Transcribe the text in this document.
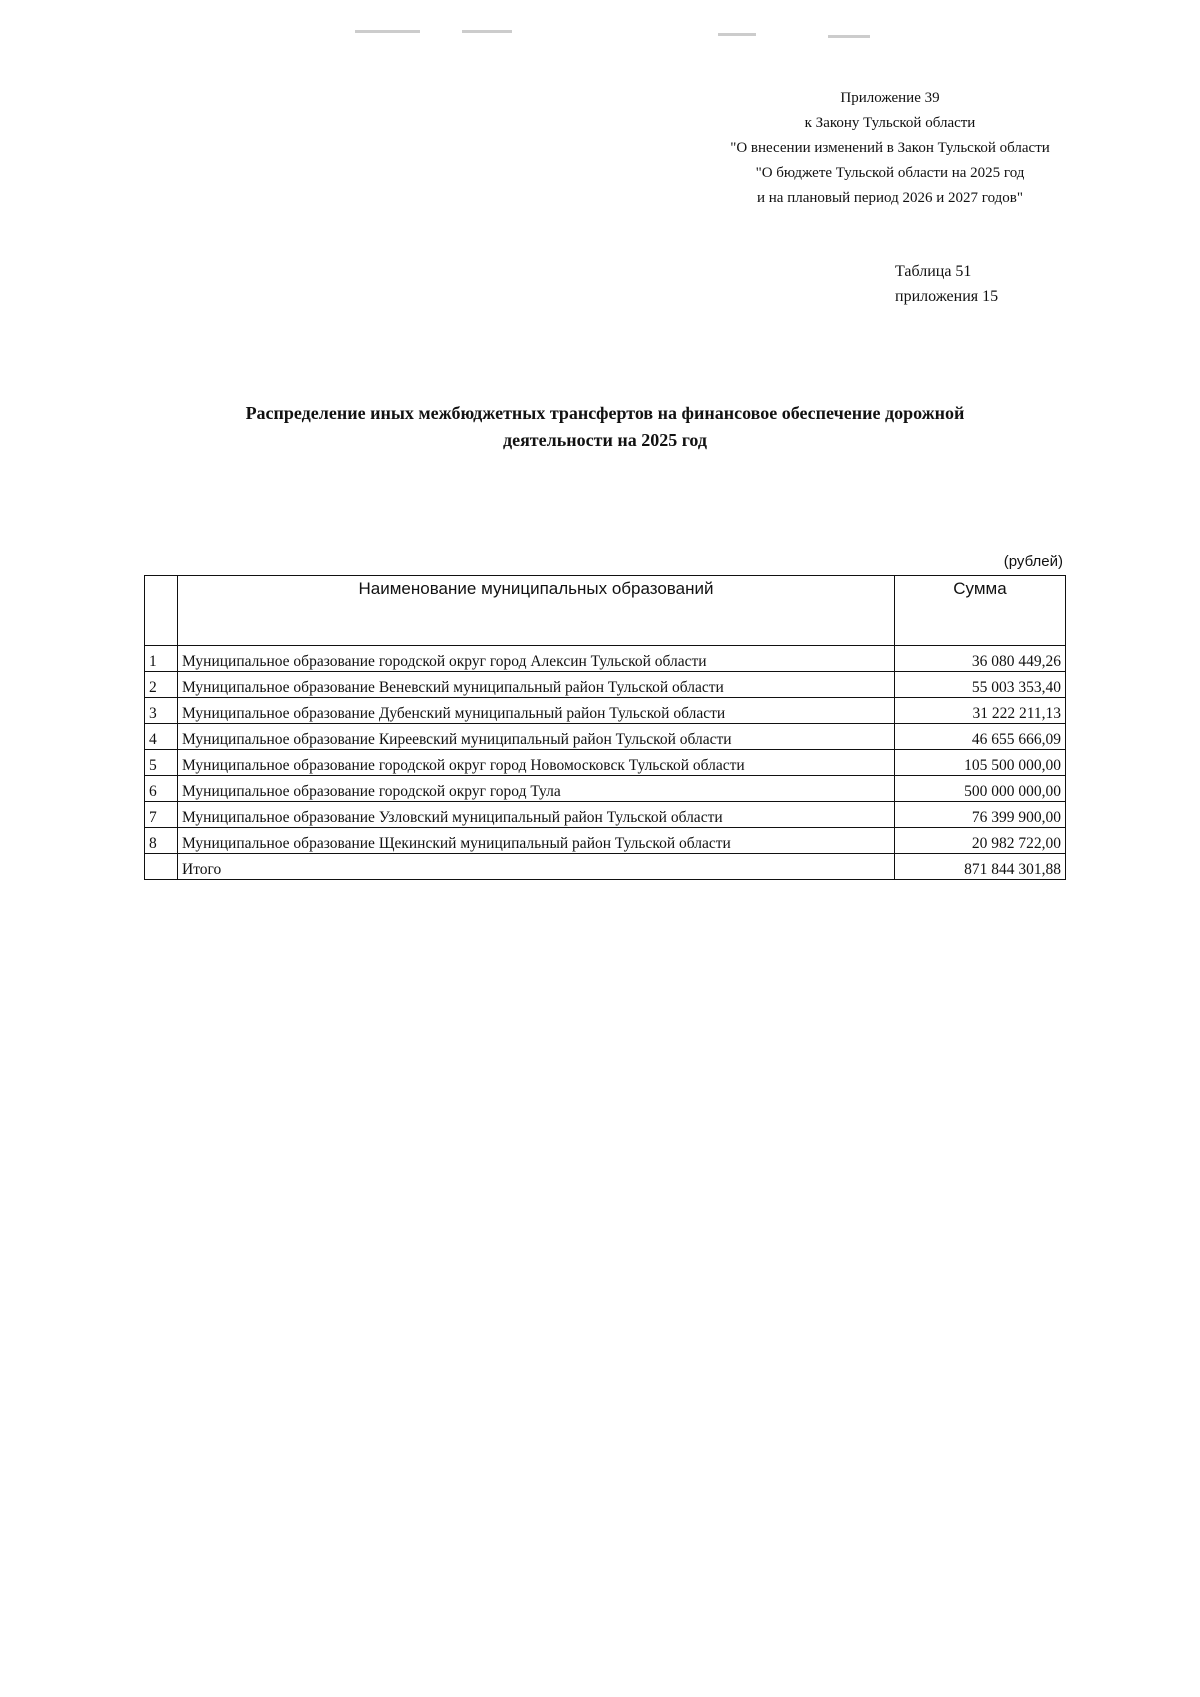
Приложение 39
к Закону Тульской области
"О внесении изменений в Закон Тульской области
"О бюджете Тульской области на 2025 год
и на плановый период 2026 и 2027 годов"
Таблица 51
приложения 15
Распределение иных межбюджетных трансфертов на финансовое обеспечение дорожной
деятельности на 2025 год
(рублей)
	Наименование муниципальных образований	Сумма
1	Муниципальное образование городской округ город Алексин Тульской области	36 080 449,26
2	Муниципальное образование Веневский муниципальный район Тульской области	55 003 353,40
3	Муниципальное образование Дубенский муниципальный район Тульской области	31 222 211,13
4	Муниципальное образование Киреевский муниципальный район Тульской области	46 655 666,09
5	Муниципальное образование городской округ город Новомосковск Тульской области	105 500 000,00
6	Муниципальное образование городской округ город Тула	500 000 000,00
7	Муниципальное образование Узловский муниципальный район Тульской области	76 399 900,00
8	Муниципальное образование Щекинский муниципальный район Тульской области	20 982 722,00
	Итого	871 844 301,88
